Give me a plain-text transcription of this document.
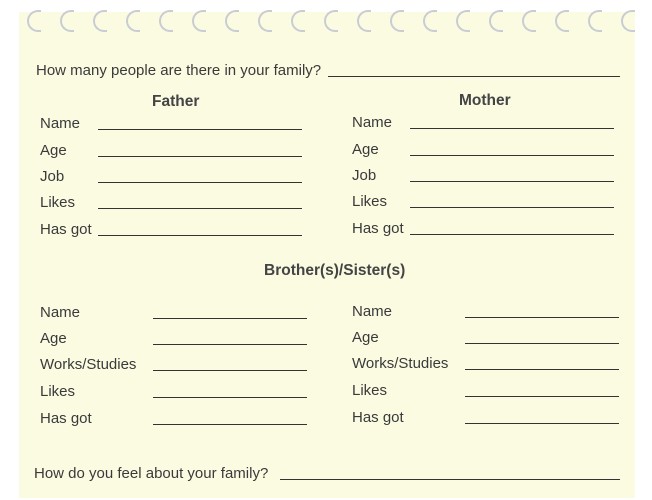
How many people are there in your family?
Father	Mother
Name
Age
Job
Likes
Has got
Name
Age
Job
Likes
Has got
Brother(s)/Sister(s)
Name
Age
Works/Studies
Likes
Has got
Name
Age
Works/Studies
Likes
Has got
How do you feel about your family?
